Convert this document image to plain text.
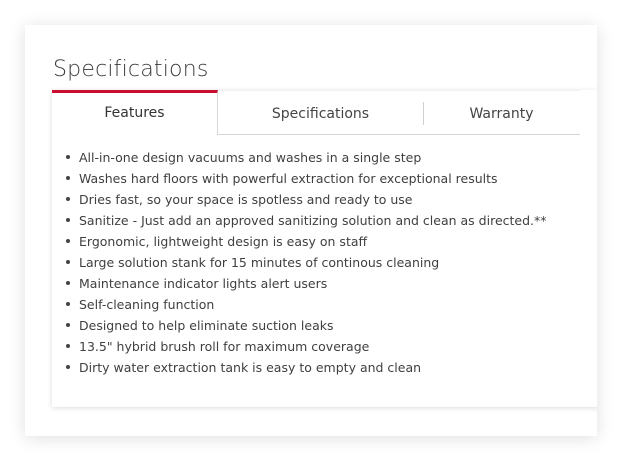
Specifications
Features	Specifications	Warranty
All-in-one design vacuums and washes in a single step
Washes hard floors with powerful extraction for exceptional results
Dries fast, so your space is spotless and ready to use
Sanitize - Just add an approved sanitizing solution and clean as directed.**
Ergonomic, lightweight design is easy on staff
Large solution stank for 15 minutes of continous cleaning
Maintenance indicator lights alert users
Self-cleaning function
Designed to help eliminate suction leaks
13.5" hybrid brush roll for maximum coverage
Dirty water extraction tank is easy to empty and clean
